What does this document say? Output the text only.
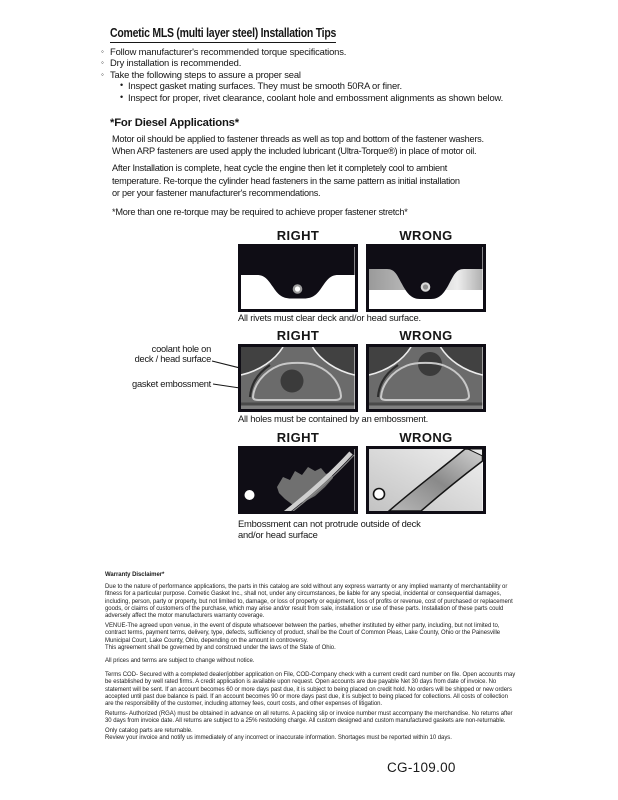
Cometic MLS (multi layer steel) Installation Tips
◦ Follow manufacturer's recommended torque specifications.
◦ Dry installation is recommended.
◦ Take the following steps to assure a proper seal
• Inspect gasket mating surfaces. They must be smooth 50RA or finer.
• Inspect for proper, rivet clearance, coolant hole and embossment alignments as shown below.
*For Diesel Applications*
Motor oil should be applied to fastener threads as well as top and bottom of the fastener washers.
When ARP fasteners are used apply the included lubricant (Ultra-Torque®) in place of motor oil.
After Installation is complete, heat cycle the engine then let it completely cool to ambient
temperature. Re-torque the cylinder head fasteners in the same pattern as initial installation
or per your fastener manufacturer's recommendations.
*More than one re-torque may be required to achieve proper fastener stretch*
RIGHT	WRONG
All rivets must clear deck and/or head surface.
RIGHT	WRONG
coolant hole on
deck / head surface
gasket embossment
All holes must be contained by an embossment.
RIGHT	WRONG
Embossment can not protrude outside of deck
and/or head surface
Warranty Disclaimer*
Due to the nature of performance applications, the parts in this catalog are sold without any express warranty or any implied warranty of merchantability or
fitness for a particular purpose. Cometic Gasket Inc., shall not, under any circumstances, be liable for any special, incidental or consequential damages,
including, person, party or property, but not limited to, damage, or loss of property or equipment, loss of profits or revenue, cost of purchased or replacement
goods, or claims of customers of the purchase, which may arise and/or result from sale, installation or use of these parts. Installation of these parts could
adversely affect the motor manufacturers warranty coverage.
VENUE-The agreed upon venue, in the event of dispute whatsoever between the parties, whether instituted by either party, including, but not limited to,
contract terms, payment terms, delivery, type, defects, sufficiency of product, shall be the Court of Common Pleas, Lake County, Ohio or the Painesville
Municipal Court, Lake County, Ohio, depending on the amount in controversy.
This agreement shall be governed by and construed under the laws of the State of Ohio.
All prices and terms are subject to change without notice.
Terms COD- Secured with a completed dealer/jobber application on File, COD-Company check with a current credit card number on file. Open accounts may
be established by well rated firms. A credit application is available upon request. Open accounts are due payable Net 30 days from date of invoice. No
statement will be sent. If an account becomes 60 or more days past due, it is subject to being placed on credit hold. No orders will be shipped or new orders
accepted until past due balance is paid. If an account becomes 90 or more days past due, it is subject to being placed for collections. All costs of collection
are the responsibility of the customer, including attorney fees, court costs, and other expenses of litigation.
Returns- Authorized (RGA) must be obtained in advance on all returns. A packing slip or invoice number must accompany the merchandise. No returns after
30 days from invoice date. All returns are subject to a 25% restocking charge. All custom designed and custom manufactured gaskets are non-returnable.
Only catalog parts are returnable.
Review your invoice and notify us immediately of any incorrect or inaccurate information. Shortages must be reported within 10 days.
CG-109.00
